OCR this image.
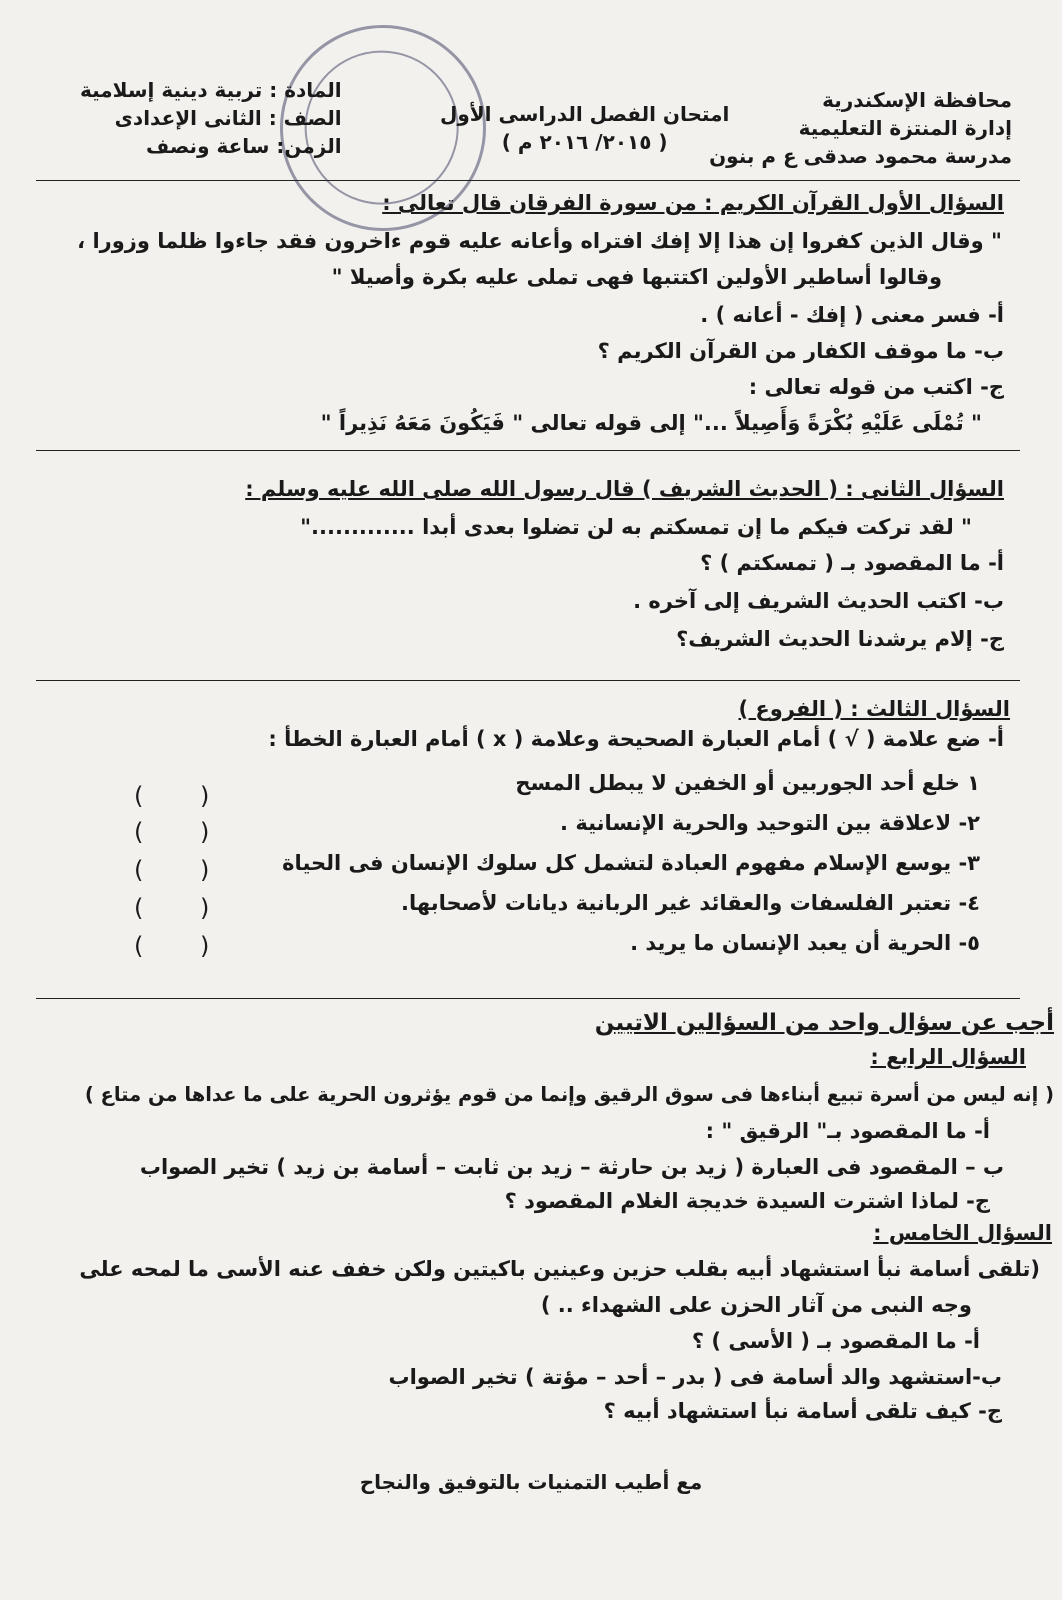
محافظة الإسكندرية
إدارة المنتزة التعليمية
مدرسة محمود صدقى ع م بنون
امتحان الفصل الدراسى الأول
( ٢٠١٥/ ٢٠١٦ م )
المادة : تربية دينية إسلامية
الصف : الثانى الإعدادى
الزمن: ساعة ونصف
السؤال الأول القرآن الكريم : من سورة الفرقان قال تعالى :
" وقال الذين كفروا إن هذا إلا إفك افتراه وأعانه عليه قوم ءاخرون فقد جاءوا ظلما وزورا ،
وقالوا أساطير الأولين اكتتبها فهى تملى عليه بكرة وأصيلا "
أ- فسر معنى ( إفك - أعانه ) .
ب- ما موقف الكفار من القرآن الكريم ؟
ج- اكتب من قوله تعالى :
" تُمْلَى عَلَيْهِ بُكْرَةً وَأَصِيلاً ..." إلى قوله تعالى " فَيَكُونَ مَعَهُ نَذِيراً "
السؤال الثانى : ( الحديث الشريف ) قال رسول الله صلى الله عليه وسلم :
" لقد تركت فيكم ما إن تمسكتم به لن تضلوا بعدى أبدا ............."
أ- ما المقصود بـ ( تمسكتم ) ؟
ب- اكتب الحديث الشريف إلى آخره .
ج- إلام يرشدنا الحديث الشريف؟
السؤال الثالث : ( الفروع )
أ- ضع علامة ( √ ) أمام العبارة الصحيحة وعلامة ( x ) أمام العبارة الخطأ :
١ خلع أحد الجوربين أو الخفين لا يبطل المسح
٢- لاعلاقة بين التوحيد والحرية الإنسانية .
٣- يوسع الإسلام مفهوم العبادة لتشمل كل سلوك الإنسان فى الحياة
٤- تعتبر الفلسفات والعقائد غير الربانية ديانات لأصحابها.
٥- الحرية أن يعبد الإنسان ما يريد .
( )
( )
( )
( )
( )
أجب عن سؤال واحد من السؤالين الاتيين
السؤال الرابع :
( إنه ليس من أسرة تبيع أبناءها فى سوق الرقيق وإنما من قوم يؤثرون الحرية على ما عداها من متاع )
أ- ما المقصود بـ" الرقيق " :
ب – المقصود فى العبارة ( زيد بن حارثة – زيد بن ثابت – أسامة بن زيد ) تخير الصواب
ج- لماذا اشترت السيدة خديجة الغلام المقصود ؟
السؤال الخامس :
(تلقى أسامة نبأ استشهاد أبيه بقلب حزين وعينين باكيتين ولكن خفف عنه الأسى ما لمحه على
وجه النبى من آثار الحزن على الشهداء .. )
أ- ما المقصود بـ ( الأسى ) ؟
ب-استشهد والد أسامة فى ( بدر – أحد – مؤتة ) تخير الصواب
ج- كيف تلقى أسامة نبأ استشهاد أبيه ؟
مع أطيب التمنيات بالتوفيق والنجاح
